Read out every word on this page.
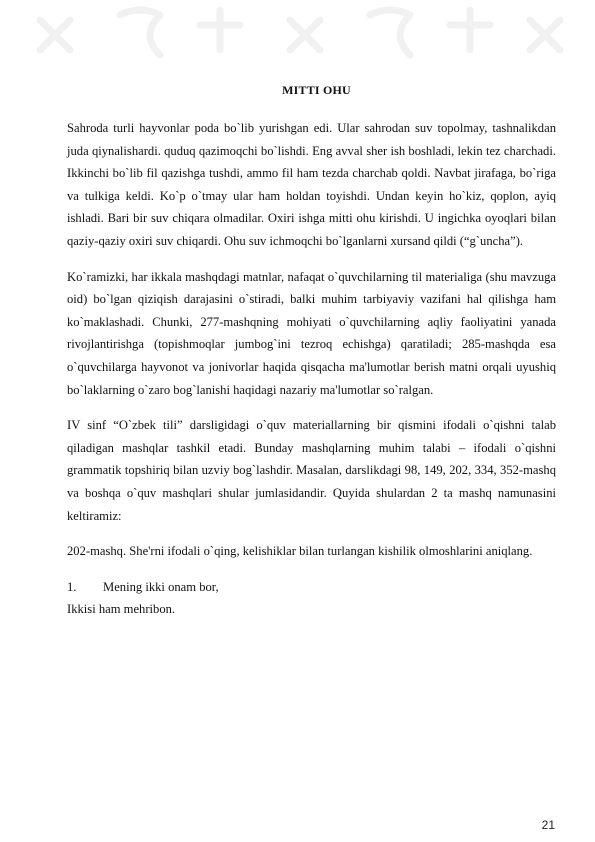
MITTI OHU

Sahroda turli hayvonlar poda bo`lib yurishgan edi. Ular sahrodan suv topolmay, tashnalikdan juda qiynalishardi. quduq qazimoqchi bo`lishdi. Eng avval sher ish boshladi, lekin tez charchadi. Ikkinchi bo`lib fil qazishga tushdi, ammo fil ham tezda charchab qoldi. Navbat jirafaga, bo`riga va tulkiga keldi. Ko`p o`tmay ular ham holdan toyishdi. Undan keyin ho`kiz, qoplon, ayiq ishladi. Bari bir suv chiqara olmadilar. Oxiri ishga mitti ohu kirishdi. U ingichka oyoqlari bilan qaziy-qaziy oxiri suv chiqardi. Ohu suv ichmoqchi bo`lganlarni xursand qildi (“g`uncha”).

Ko`ramizki, har ikkala mashqdagi matnlar, nafaqat o`quvchilarning til materialiga (shu mavzuga oid) bo`lgan qiziqish darajasini o`stiradi, balki muhim tarbiyaviy vazifani hal qilishga ham ko`maklashadi. Chunki, 277-mashqning mohiyati o`quvchilarning aqliy faoliyatini yanada rivojlantirishga (topishmoqlar jumbog`ini tezroq echishga) qaratiladi; 285-mashqda esa o`quvchilarga hayvonot va jonivorlar haqida qisqacha ma'lumotlar berish matni orqali uyushiq bo`laklarning o`zaro bog`lanishi haqidagi nazariy ma'lumotlar so`ralgan.

IV sinf “O`zbek tili” darsligidagi o`quv materiallarning bir qismini ifodali o`qishni talab qiladigan mashqlar tashkil etadi. Bunday mashqlarning muhim talabi – ifodali o`qishni grammatik topshiriq bilan uzviy bog`lashdir. Masalan, darslikdagi 98, 149, 202, 334, 352-mashq va boshqa o`quv mashqlari shular jumlasidandir. Quyida shulardan 2 ta mashq namunasini keltiramiz:

202-mashq. She'rni ifodali o`qing, kelishiklar bilan turlangan kishilik olmoshlarini aniqlang.

1.	Mening ikki onam bor,
Ikkisi ham mehribon.
21
